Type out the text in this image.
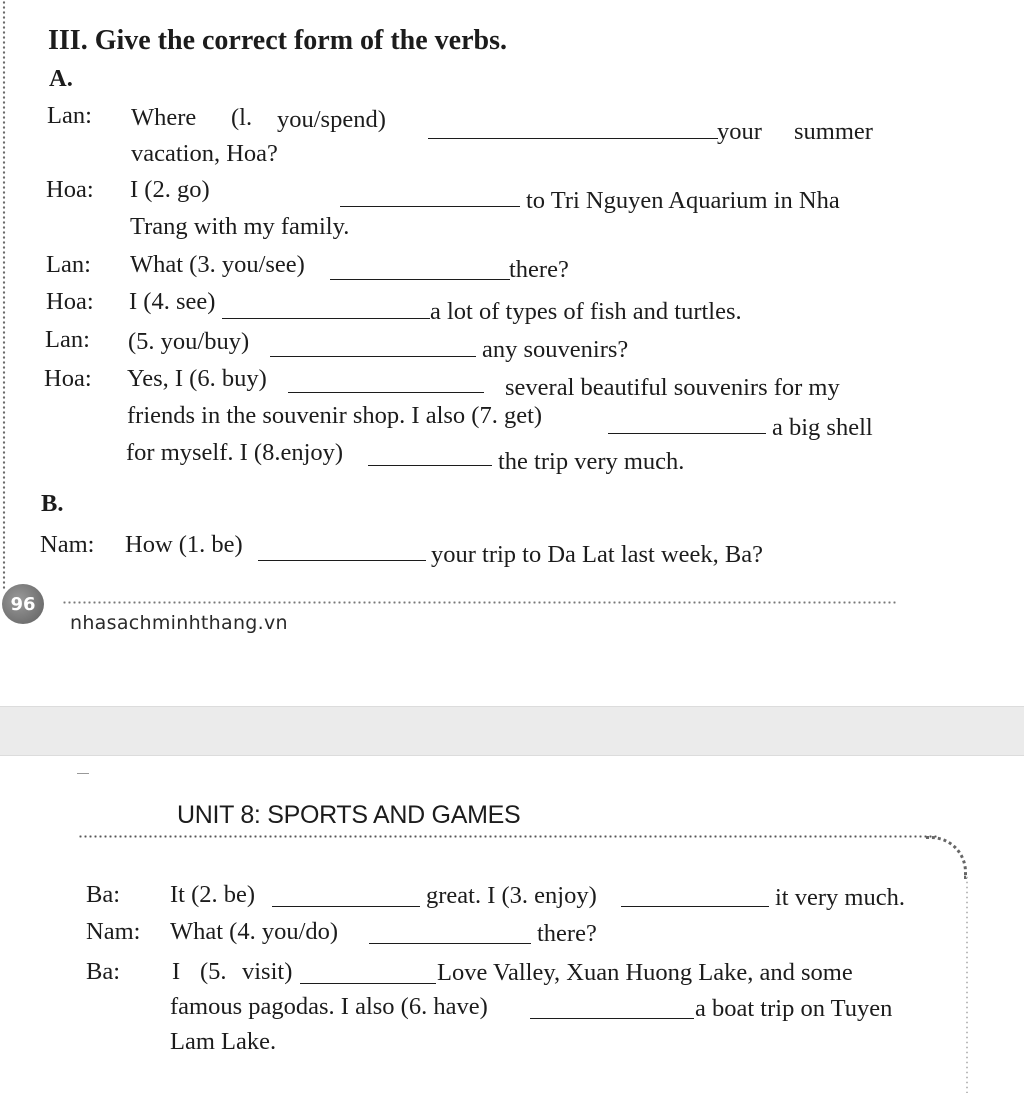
III. Give the correct form of the verbs.
A.
Lan: Where (l. you/spend)	your summer
vacation, Hoa?
Hoa: I (2. go)	to Tri Nguyen Aquarium in Nha
Trang with my family.
Lan: What (3. you/see)	there?
Hoa: I (4. see)	a lot of types of fish and turtles.
Lan: (5. you/buy)	any souvenirs?
Hoa: Yes, I (6. buy)	several beautiful souvenirs for my
friends in the souvenir shop. I also (7. get)	a big shell
for myself. I (8.enjoy)	the trip very much.
B.
Nam: How (1. be)	your trip to Da Lat last week, Ba?
96
nhasachminhthang.vn
UNIT 8: SPORTS AND GAMES
Ba: It (2. be)	great. I (3. enjoy)	it very much.
Nam: What (4. you/do)	there?
Ba: I (5. visit)	Love Valley, Xuan Huong Lake, and some
famous pagodas. I also (6. have)	a boat trip on Tuyen
Lam Lake.
